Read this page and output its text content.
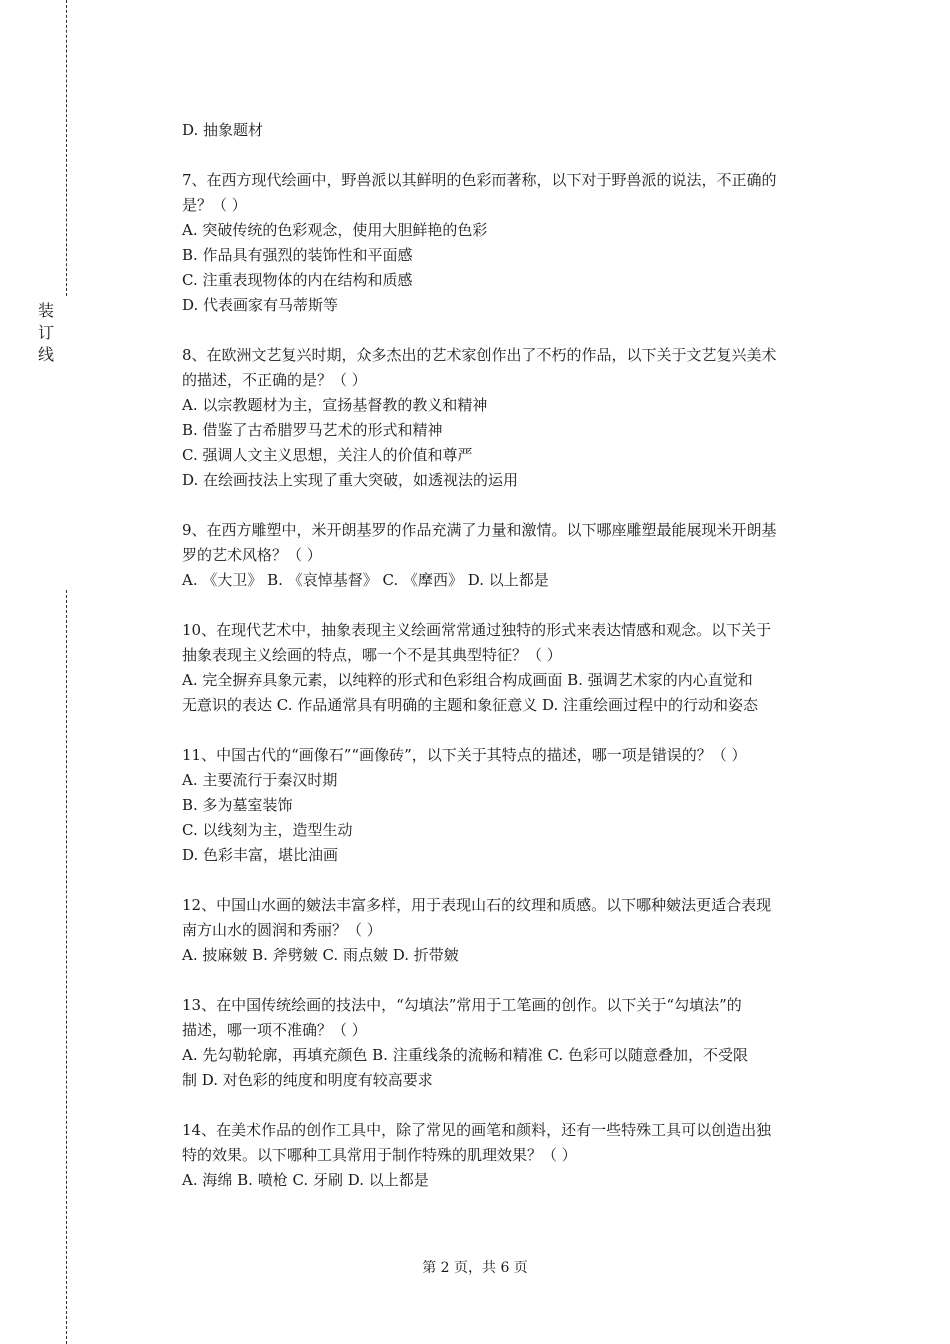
装
订
线
D. 抽象题材
7、在西方现代绘画中，野兽派以其鲜明的色彩而著称，以下对于野兽派的说法，不正确的
是？（ ）
A. 突破传统的色彩观念，使用大胆鲜艳的色彩
B. 作品具有强烈的装饰性和平面感
C. 注重表现物体的内在结构和质感
D. 代表画家有马蒂斯等
8、在欧洲文艺复兴时期，众多杰出的艺术家创作出了不朽的作品，以下关于文艺复兴美术
的描述，不正确的是？（ ）
A. 以宗教题材为主，宣扬基督教的教义和精神
B. 借鉴了古希腊罗马艺术的形式和精神
C. 强调人文主义思想，关注人的价值和尊严
D. 在绘画技法上实现了重大突破，如透视法的运用
9、在西方雕塑中，米开朗基罗的作品充满了力量和激情。以下哪座雕塑最能展现米开朗基
罗的艺术风格？（ ）
A. 《大卫》 B. 《哀悼基督》 C. 《摩西》 D. 以上都是
10、在现代艺术中，抽象表现主义绘画常常通过独特的形式来表达情感和观念。以下关于
抽象表现主义绘画的特点，哪一个不是其典型特征？（ ）
A. 完全摒弃具象元素，以纯粹的形式和色彩组合构成画面 B. 强调艺术家的内心直觉和
无意识的表达 C. 作品通常具有明确的主题和象征意义 D. 注重绘画过程中的行动和姿态
11、中国古代的“画像石”“画像砖”，以下关于其特点的描述，哪一项是错误的？（ ）
A. 主要流行于秦汉时期
B. 多为墓室装饰
C. 以线刻为主，造型生动
D. 色彩丰富，堪比油画
12、中国山水画的皴法丰富多样，用于表现山石的纹理和质感。以下哪种皴法更适合表现
南方山水的圆润和秀丽？（ ）
A. 披麻皴 B. 斧劈皴 C. 雨点皴 D. 折带皴
13、在中国传统绘画的技法中，“勾填法”常用于工笔画的创作。以下关于“勾填法”的
描述，哪一项不准确？（ ）
A. 先勾勒轮廓，再填充颜色 B. 注重线条的流畅和精准 C. 色彩可以随意叠加，不受限
制 D. 对色彩的纯度和明度有较高要求
14、在美术作品的创作工具中，除了常见的画笔和颜料，还有一些特殊工具可以创造出独
特的效果。以下哪种工具常用于制作特殊的肌理效果？（ ）
A. 海绵 B. 喷枪 C. 牙刷 D. 以上都是
第 2 页，共 6 页
